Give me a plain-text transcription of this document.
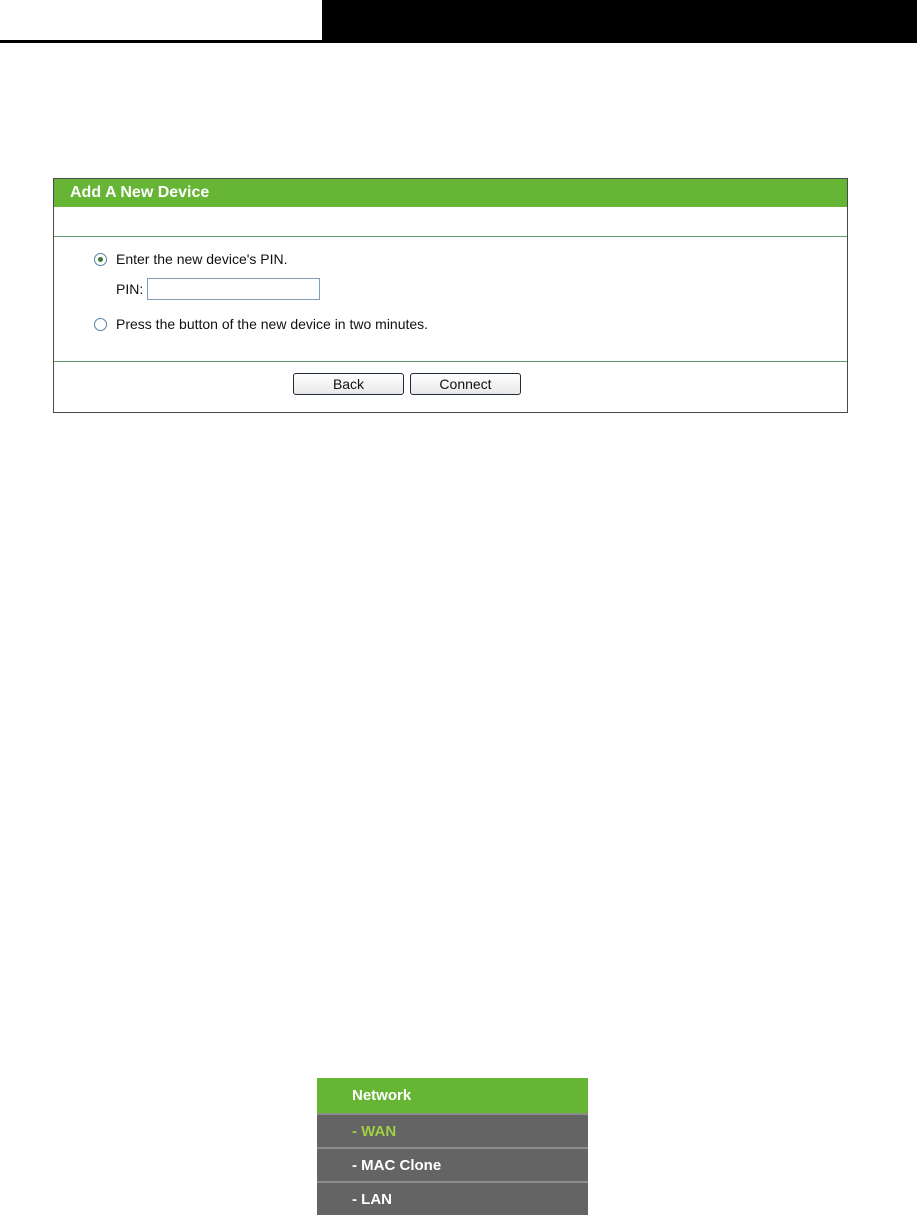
Add A New Device
Enter the new device's PIN.
PIN:
Press the button of the new device in two minutes.
Back	Connect
Network
- WAN
- MAC Clone
- LAN
